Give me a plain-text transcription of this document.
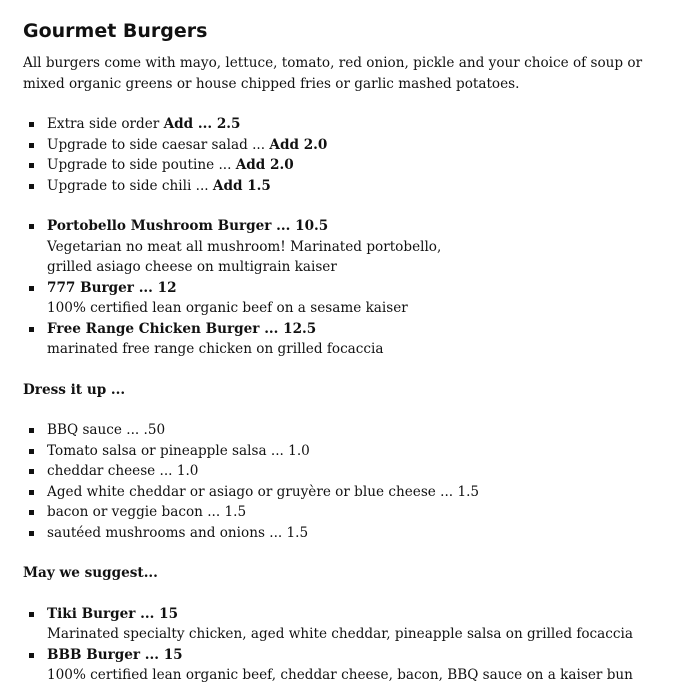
Gourmet Burgers

All burgers come with mayo, lettuce, tomato, red onion, pickle and your choice of soup or mixed organic greens or house chipped fries or garlic mashed potatoes.

Extra side order Add ... 2.5
Upgrade to side caesar salad ... Add 2.0
Upgrade to side poutine ... Add 2.0
Upgrade to side chili ... Add 1.5
Portobello Mushroom Burger ... 10.5
Vegetarian no meat all mushroom! Marinated portobello,
grilled asiago cheese on multigrain kaiser
777 Burger ... 12
100% certified lean organic beef on a sesame kaiser
Free Range Chicken Burger ... 12.5
marinated free range chicken on grilled focaccia
Dress it up ...
BBQ sauce ... .50
Tomato salsa or pineapple salsa ... 1.0
cheddar cheese ... 1.0
Aged white cheddar or asiago or gruyère or blue cheese ... 1.5
bacon or veggie bacon ... 1.5
sautéed mushrooms and onions ... 1.5
May we suggest...
Tiki Burger ... 15
Marinated specialty chicken, aged white cheddar, pineapple salsa on grilled focaccia
BBB Burger ... 15
100% certified lean organic beef, cheddar cheese, bacon, BBQ sauce on a kaiser bun
